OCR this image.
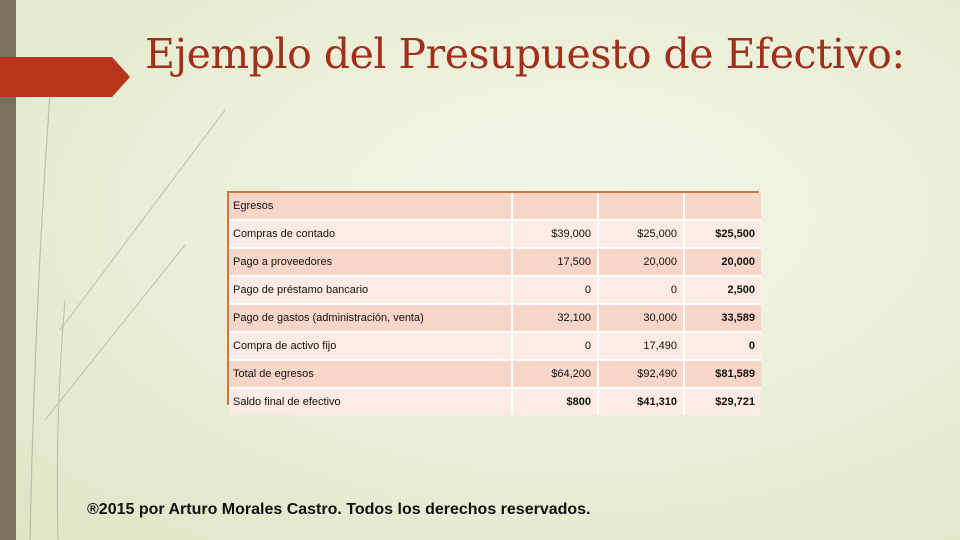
Ejemplo del Presupuesto de Efectivo:
Egresos			
Compras de contado	$39,000	$25,000	$25,500
Pago a proveedores	17,500	20,000	20,000
Pago de préstamo bancario	0	0	2,500
Pago de gastos (administración, venta)	32,100	30,000	33,589
Compra de activo fijo	0	17,490	0
Total de egresos	$64,200	$92,490	$81,589
Saldo final de efectivo	$800	$41,310	$29,721
®2015 por Arturo Morales Castro. Todos los derechos reservados.
